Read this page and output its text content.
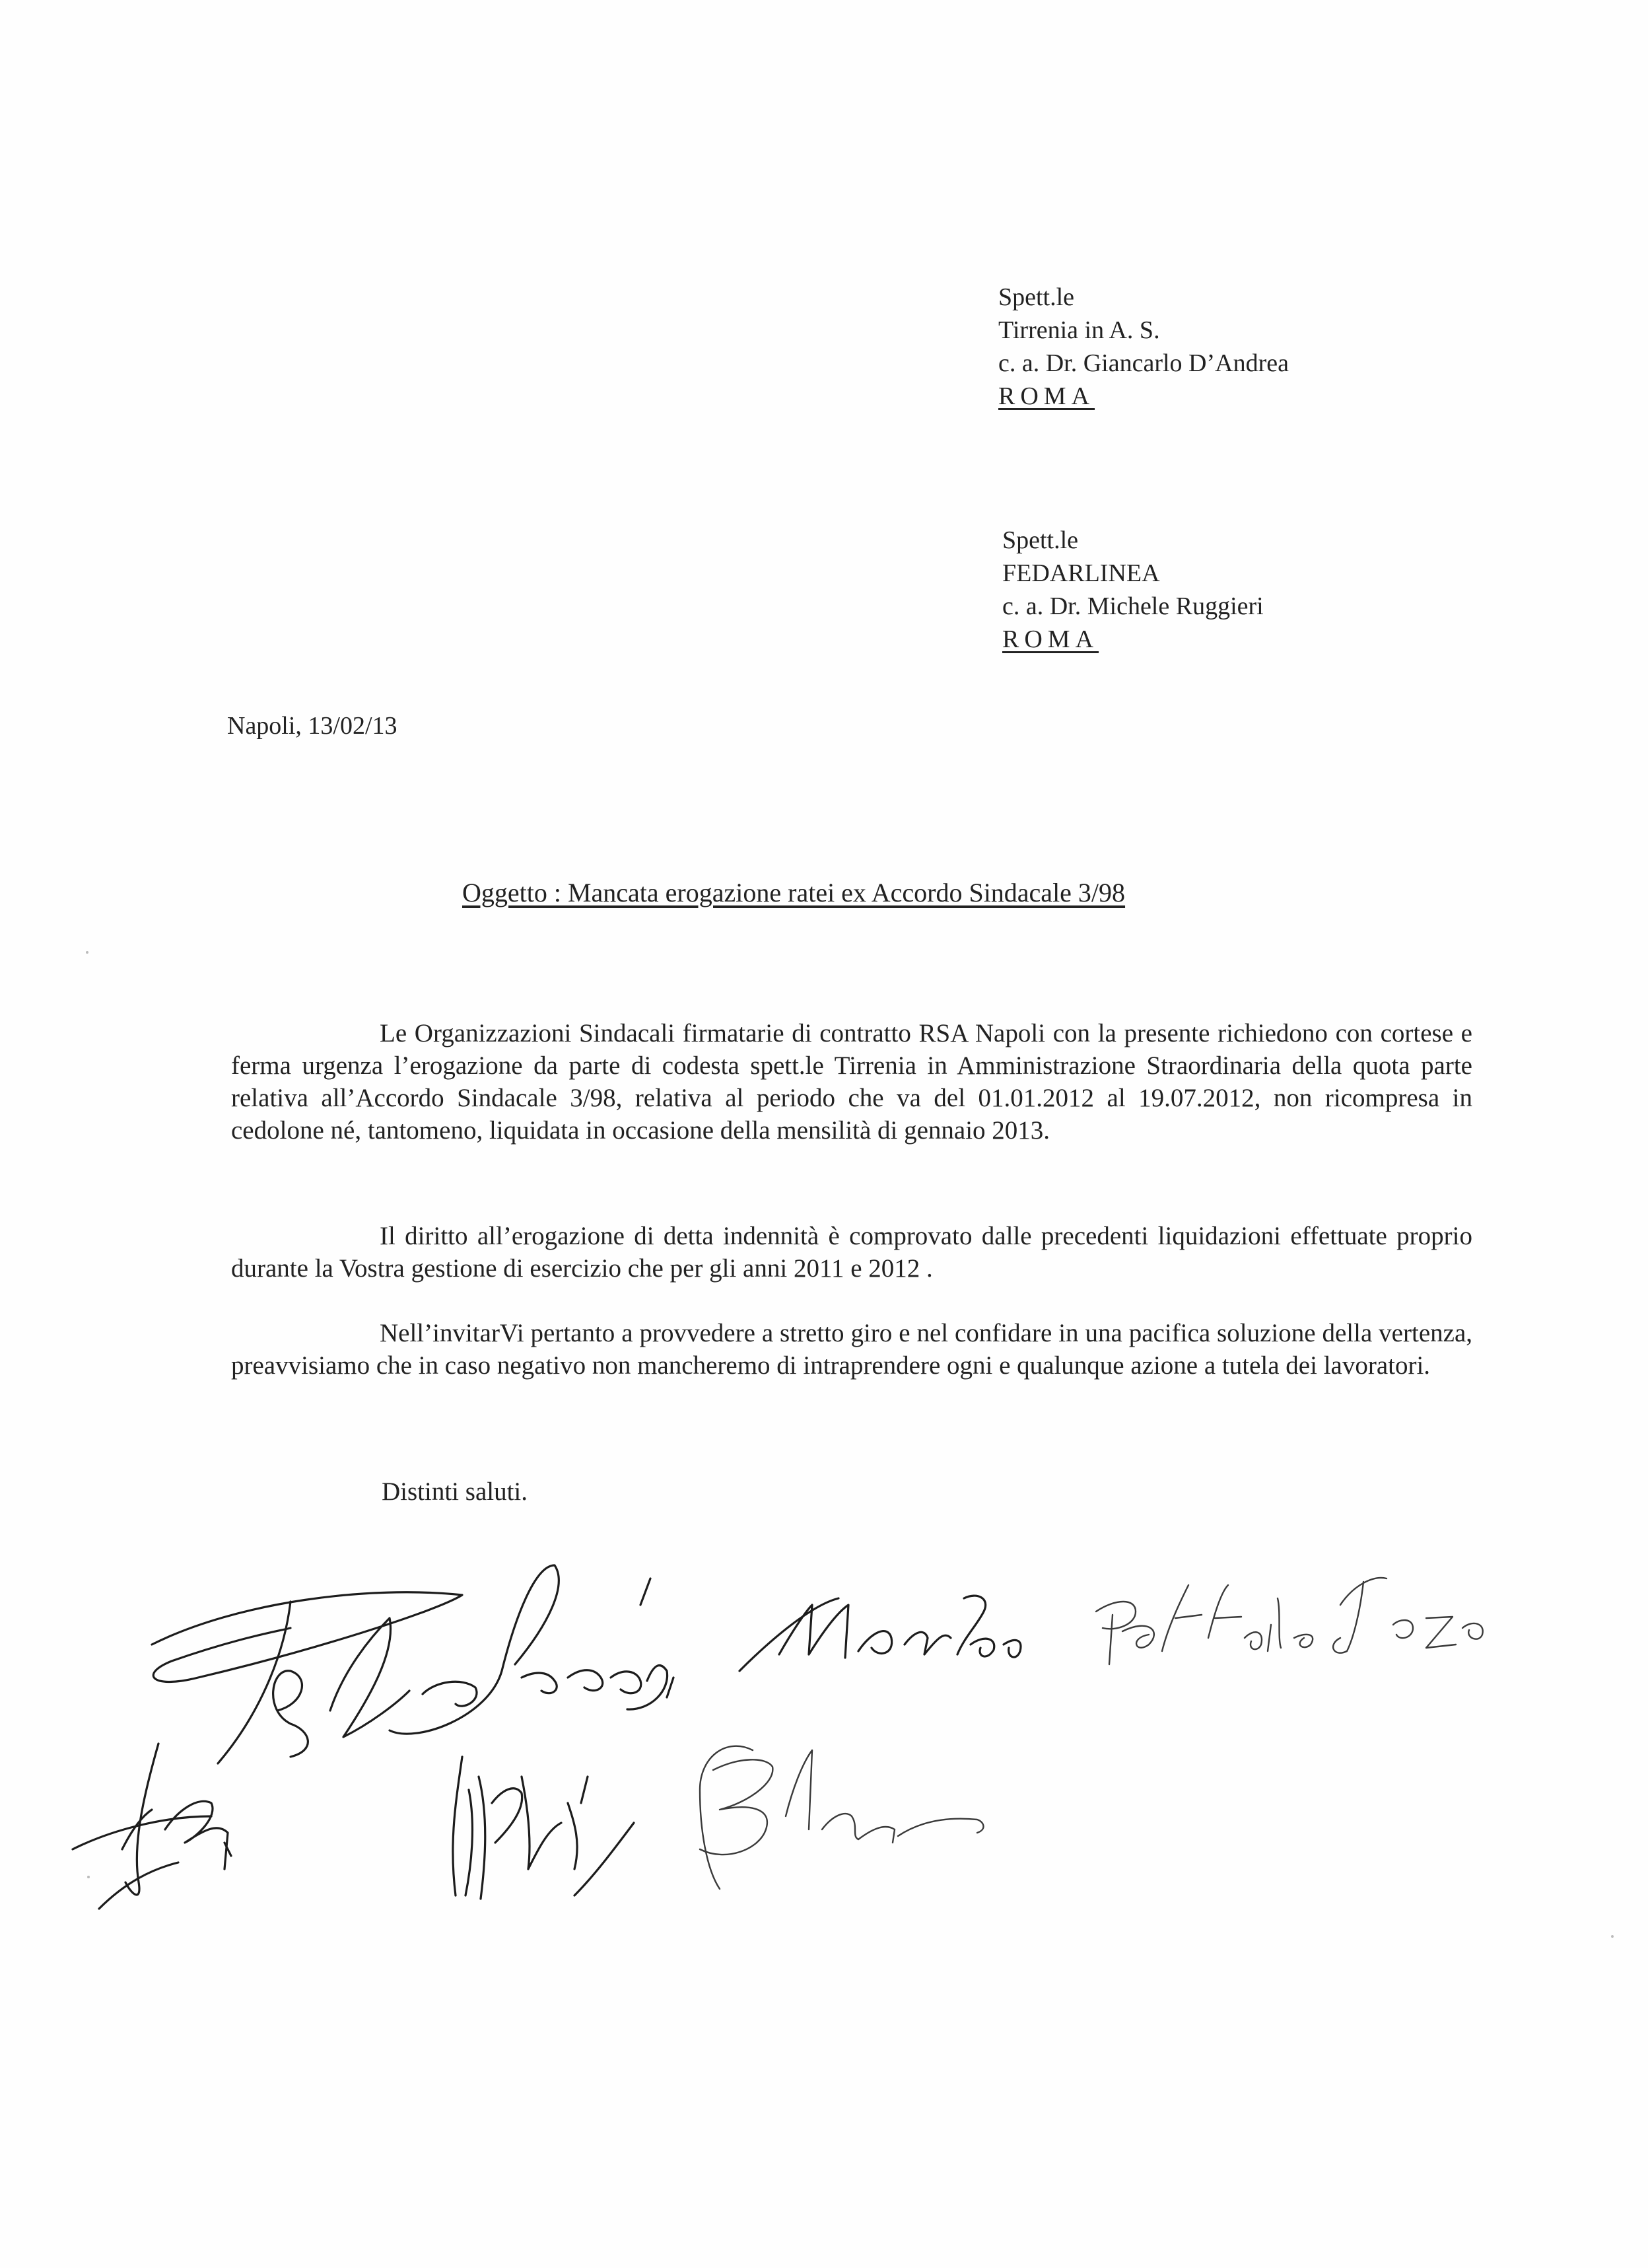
Spett.le
Tirrenia in A. S.
c. a. Dr. Giancarlo D’Andrea
ROMA
Spett.le
FEDARLINEA
c. a. Dr. Michele Ruggieri
ROMA
Napoli, 13/02/13
Oggetto : Mancata erogazione ratei ex Accordo Sindacale 3/98
Le Organizzazioni Sindacali firmatarie di contratto RSA Napoli con la presente richiedono con cortese e ferma urgenza l’erogazione da parte di codesta spett.le Tirrenia in Amministrazione Straordinaria della quota parte relativa all’Accordo Sindacale 3/98, relativa al periodo che va del 01.01.2012 al 19.07.2012, non ricompresa in cedolone né, tantomeno, liquidata in occasione della mensilità di gennaio 2013.
Il diritto all’erogazione di detta indennità è comprovato dalle precedenti liquidazioni effettuate proprio durante la Vostra gestione di esercizio che per gli anni 2011 e 2012 .
Nell’invitarVi pertanto a provvedere a stretto giro e nel confidare in una pacifica soluzione della vertenza, preavvisiamo che in caso negativo non mancheremo di intraprendere ogni e qualunque azione a tutela dei lavoratori.
Distinti saluti.
